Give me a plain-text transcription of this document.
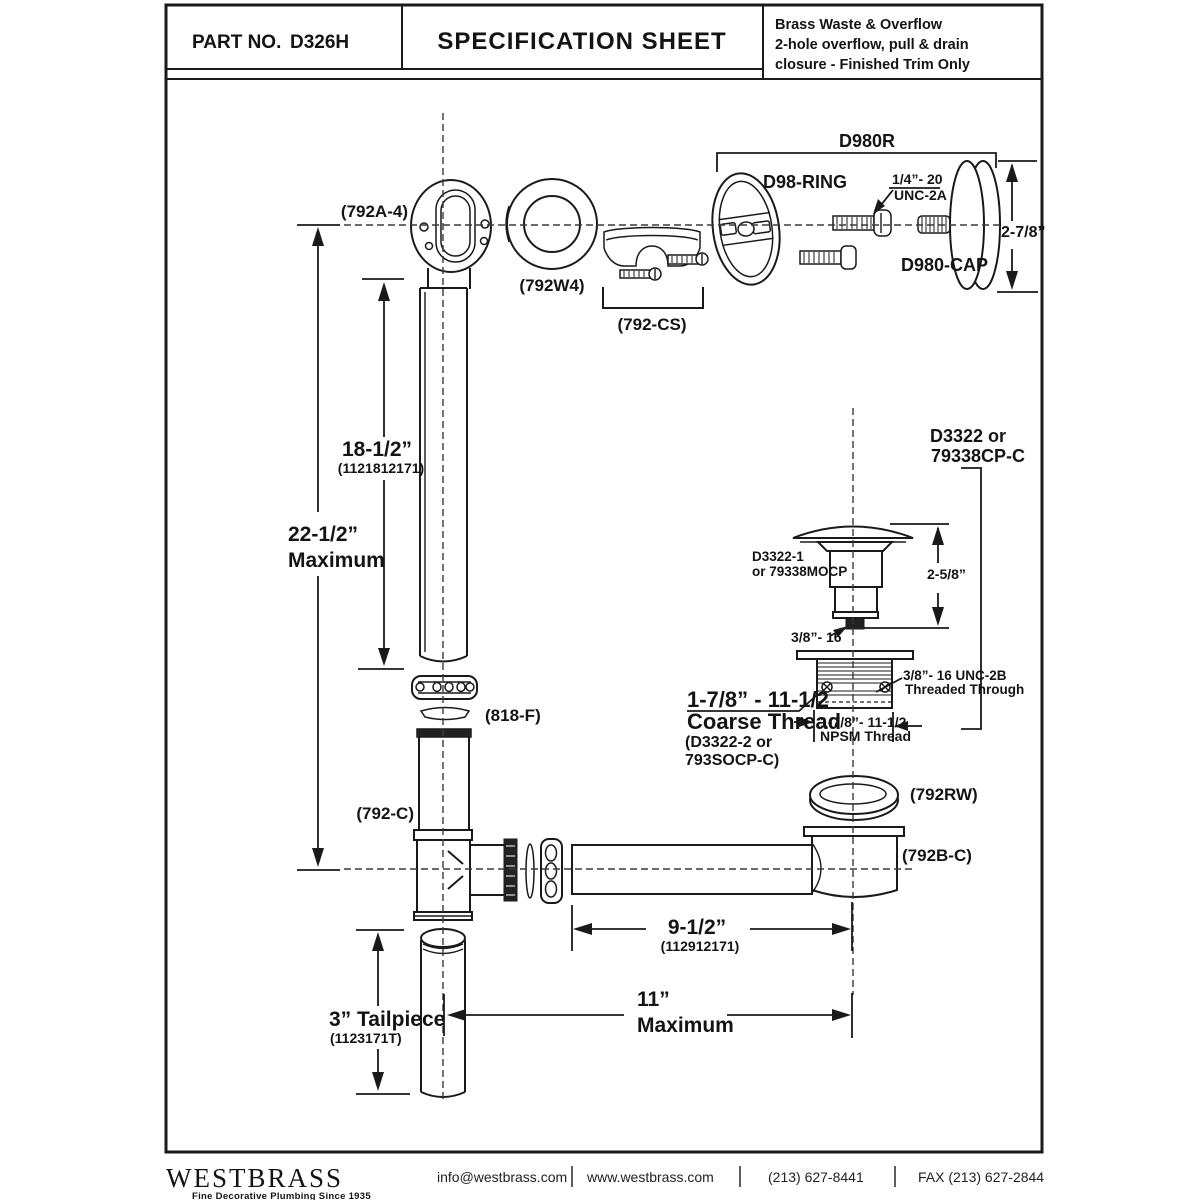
PART NO. D326H	SPECIFICATION SHEET
Brass Waste & Overflow
2-hole overflow, pull & drain
closure - Finished Trim Only
(792A-4)
(792W4)
(792-CS)
D98-RING
D980R
1/4”- 20
UNC-2A
D980-CAP
2-7/8”
18-1/2”
(1121812171)
22-1/2”
Maximum
D3322 or
79338CP-C
D3322-1
or 79338MOCP	2-5/8”
3/8”- 16
3/8”- 16 UNC-2B
Threaded Through
1-7/8” - 11-1/2
Coarse Thread
(D3322-2 or
793SOCP-C)
1-7/8”- 11-1/2
NPSM Thread
(818-F)
(792-C)
(792RW)
(792B-C)
9-1/2”
(112912171)
11”
Maximum
3” Tailpiece
(1123171T)
WESTBRASS
Fine Decorative Plumbing Since 1935
info@westbrass.com www.westbrass.com	(213) 627-8441	FAX (213) 627-2844
